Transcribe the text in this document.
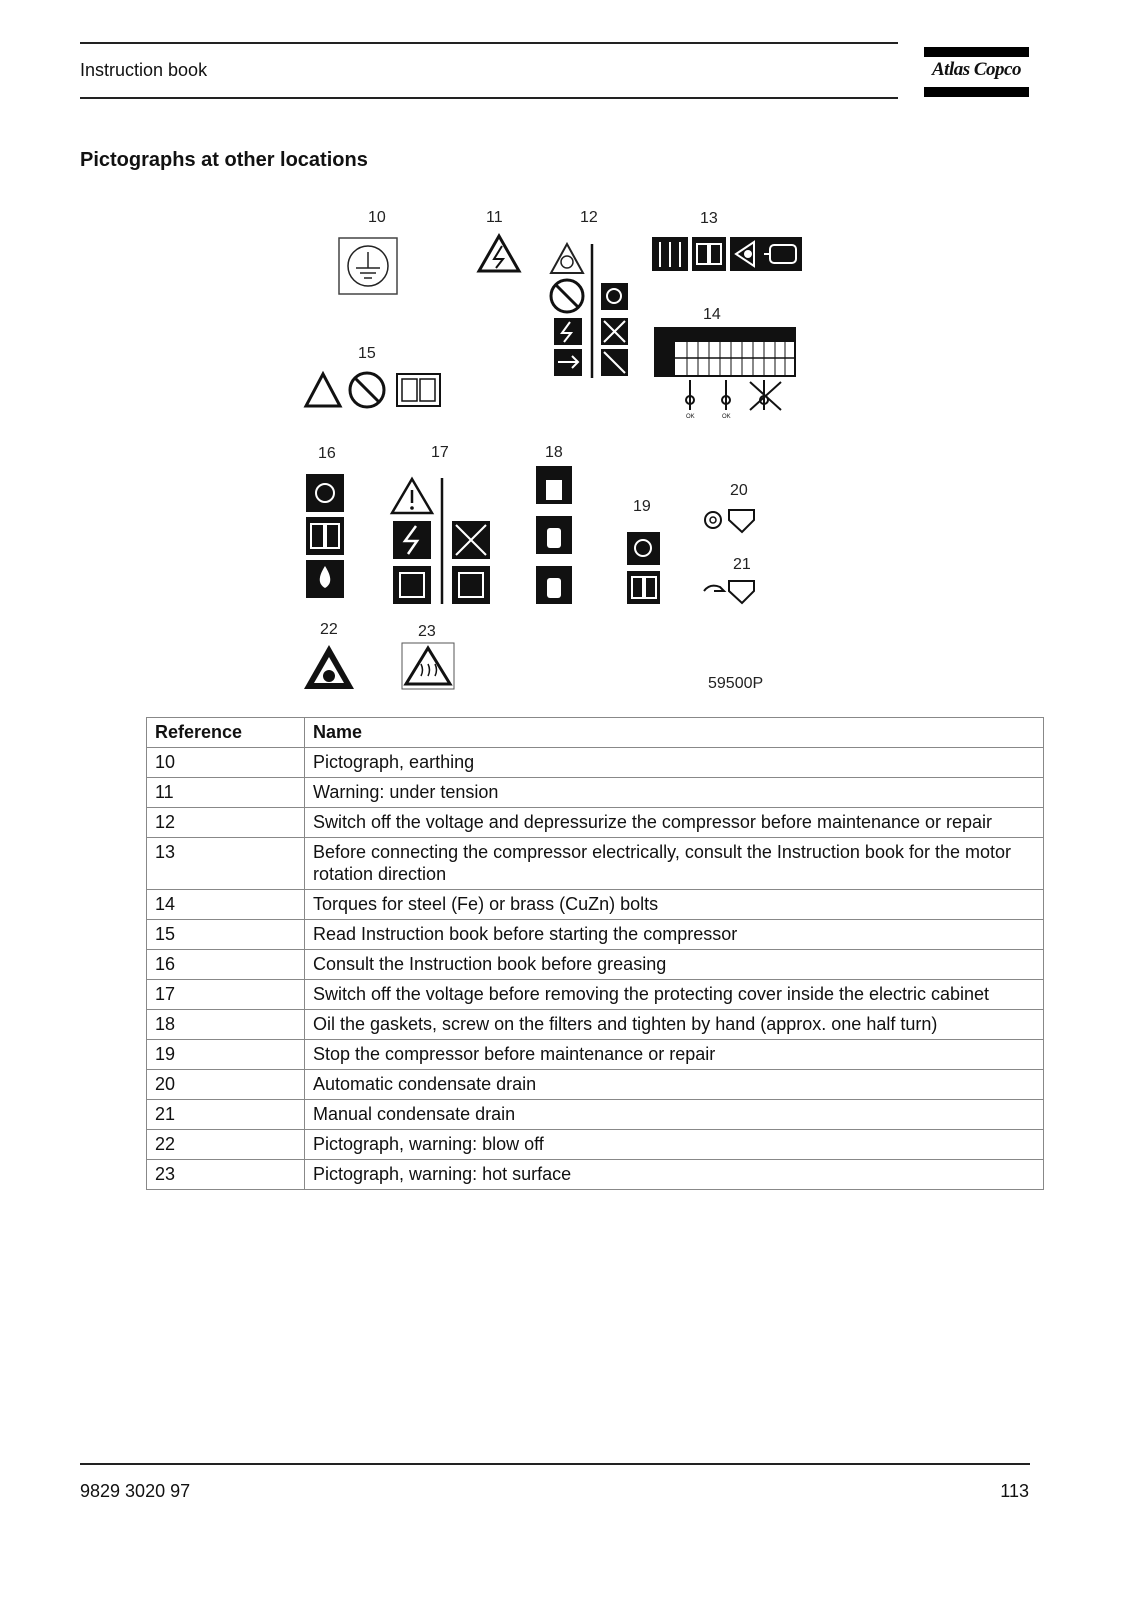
Instruction book	Atlas Copco
Pictographs at other locations
10	11	12	13
14
15
16	17	18
19
20
21
22	23
59500P
OK	OK
Reference	Name
10	Pictograph, earthing
11	Warning: under tension
12	Switch off the voltage and depressurize the compressor before maintenance or repair
13	Before connecting the compressor electrically, consult the Instruction book for the motor rotation direction
14	Torques for steel (Fe) or brass (CuZn) bolts
15	Read Instruction book before starting the compressor
16	Consult the Instruction book before greasing
17	Switch off the voltage before removing the protecting cover inside the electric cabinet
18	Oil the gaskets, screw on the filters and tighten by hand (approx. one half turn)
19	Stop the compressor before maintenance or repair
20	Automatic condensate drain
21	Manual condensate drain
22	Pictograph, warning: blow off
23	Pictograph, warning: hot surface
9829 3020 97	113
